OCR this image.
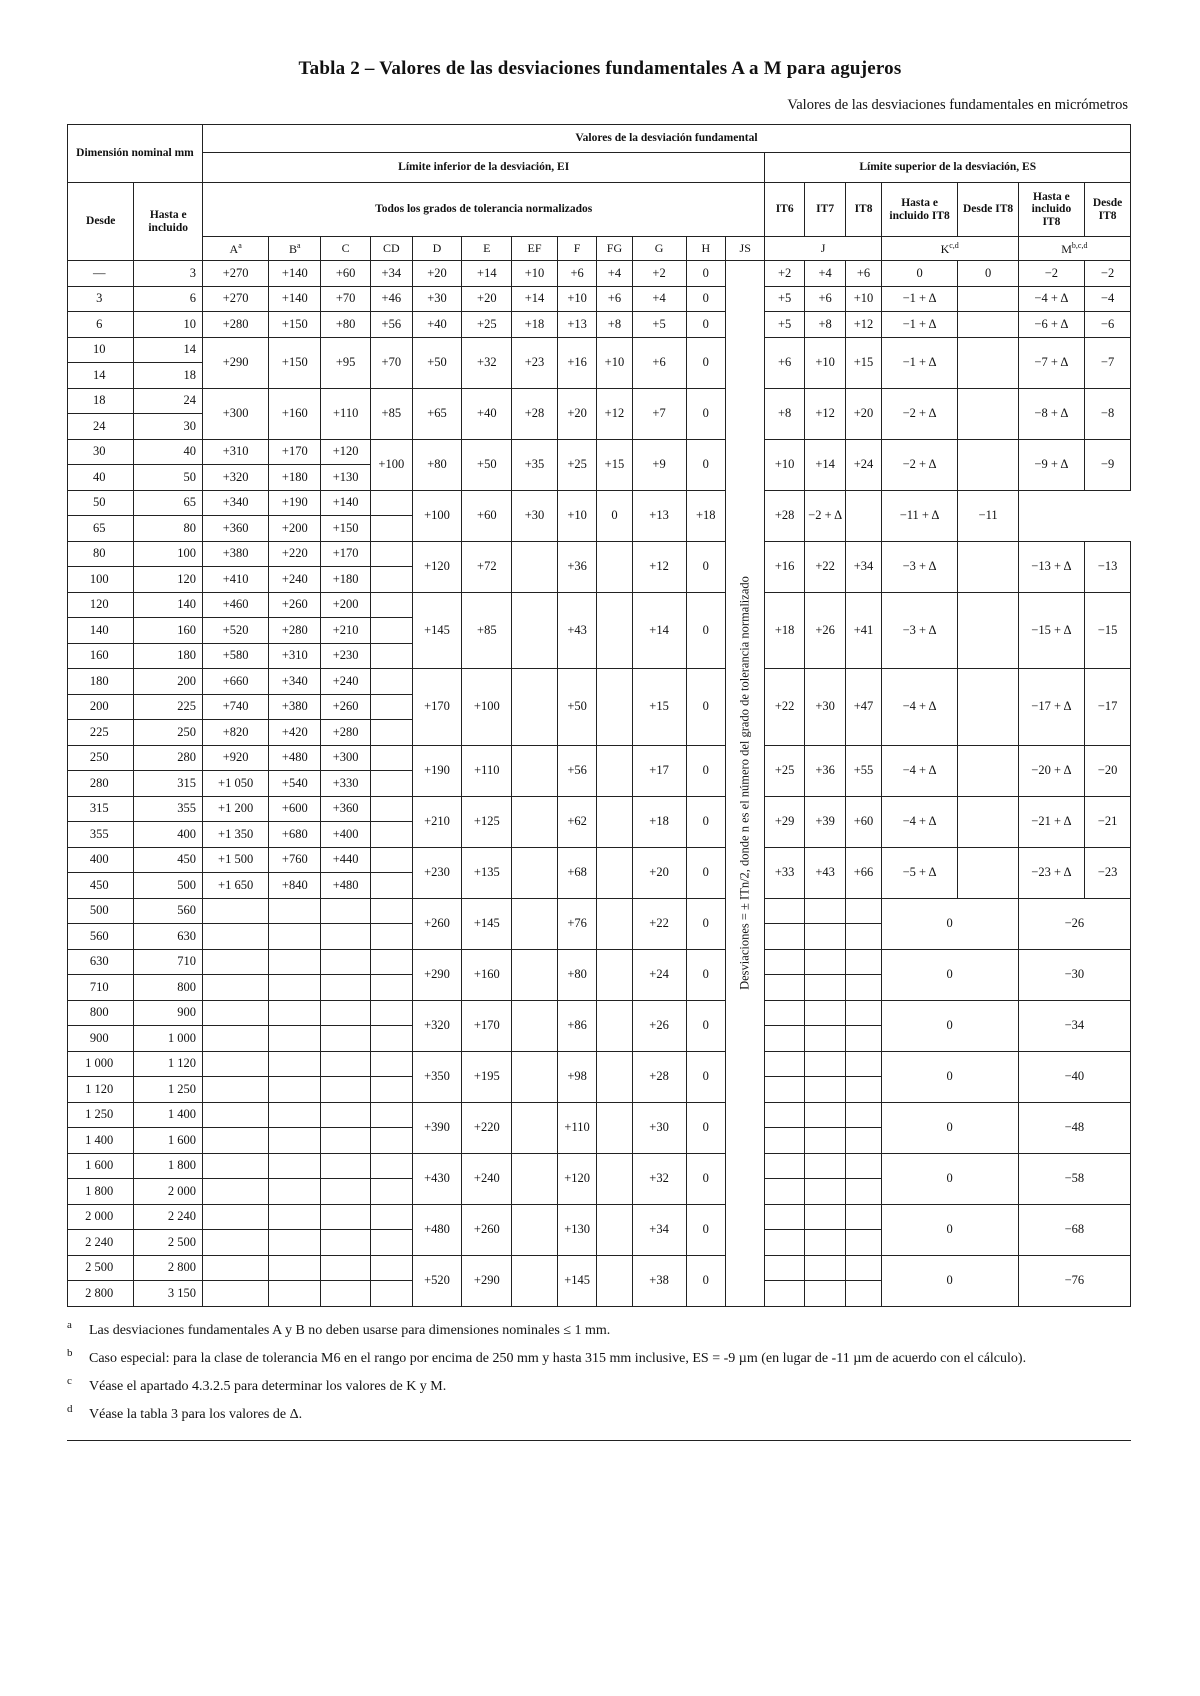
Tabla 2 – Valores de las desviaciones fundamentales A a M para agujeros
Valores de las desviaciones fundamentales en micrómetros
Dimensión nominal mm		Valores de la desviación fundamental																		
		Límite inferior de la desviación, EI												Límite superior de la desviación, ES						
Desde	Hasta e incluido	Todos los grados de tolerancia normalizados												IT6	IT7	IT8	Hasta e incluido IT8	Desde IT8	Hasta e incluido IT8	Desde IT8
		$A^a$	$B^a$	C	CD	D	E	EF	F	FG	G	H	JS	J			K$^{c,d}$		M$^{b,c,d}$
—	3	+270	+140	+60	+34	+20	+14	+10	+6	+4	+2	0	Desviaciones = ± ITn/2, donde n es el número del grado de tolerancia normalizado	+2	+4	+6	0	0	−2	−2
3	6	+270	+140	+70	+46	+30	+20	+14	+10	+6	+4	0		+5	+6	+10	−1 + Δ		−4 + Δ	−4
6	10	+280	+150	+80	+56	+40	+25	+18	+13	+8	+5	0		+5	+8	+12	−1 + Δ		−6 + Δ	−6
10	14	+290	+150	+95	+70	+50	+32	+23	+16	+10	+6	0		+6	+10	+15	−1 + Δ		−7 + Δ	−7
14	18																			
18	24	+300	+160	+110	+85	+65	+40	+28	+20	+12	+7	0		+8	+12	+20	−2 + Δ		−8 + Δ	−8
24	30																			
30	40	+310	+170	+120	+100	+80	+50	+35	+25	+15	+9	0		+10	+14	+24	−2 + Δ		−9 + Δ	−9
40	50	+320	+180	+130																
50	65	+340	+190	+140		+100	+60	+30	+10	0	+13	+18		+28	−2 + Δ		−11 + Δ	−11		
65	80	+360	+200	+150																
80	100	+380	+220	+170		+120	+72		+36		+12	0		+16	+22	+34	−3 + Δ		−13 + Δ	−13
100	120	+410	+240	+180																
120	140	+460	+260	+200		+145	+85		+43		+14	0		+18	+26	+41	−3 + Δ		−15 + Δ	−15
140	160	+520	+280	+210																
160	180	+580	+310	+230																
180	200	+660	+340	+240		+170	+100		+50		+15	0		+22	+30	+47	−4 + Δ		−17 + Δ	−17
200	225	+740	+380	+260																
225	250	+820	+420	+280																
250	280	+920	+480	+300		+190	+110		+56		+17	0		+25	+36	+55	−4 + Δ		−20 + Δ	−20
280	315	+1 050	+540	+330																
315	355	+1 200	+600	+360		+210	+125		+62		+18	0		+29	+39	+60	−4 + Δ		−21 + Δ	−21
355	400	+1 350	+680	+400																
400	450	+1 500	+760	+440		+230	+135		+68		+20	0		+33	+43	+66	−5 + Δ		−23 + Δ	−23
450	500	+1 650	+840	+480																
500	560					+260	+145		+76		+22	0					0		−26	
560	630																			
630	710					+290	+160		+80		+24	0					0		−30	
710	800																			
800	900					+320	+170		+86		+26	0					0		−34	
900	1 000																			
1 000	1 120					+350	+195		+98		+28	0					0		−40	
1 120	1 250																			
1 250	1 400					+390	+220		+110		+30	0					0		−48	
1 400	1 600																			
1 600	1 800					+430	+240		+120		+32	0					0		−58	
1 800	2 000																			
2 000	2 240					+480	+260		+130		+34	0					0		−68	
2 240	2 500																			
2 500	2 800					+520	+290		+145		+38	0					0		−76	
2 800	3 150																			
a	Las desviaciones fundamentales A y B no deben usarse para dimensiones nominales ≤ 1 mm.
b	Caso especial: para la clase de tolerancia M6 en el rango por encima de 250 mm y hasta 315 mm inclusive, ES = -9 µm (en lugar de -11 µm de acuerdo con el cálculo).
c	Véase el apartado 4.3.2.5 para determinar los valores de K y M.
d	Véase la tabla 3 para los valores de Δ.
